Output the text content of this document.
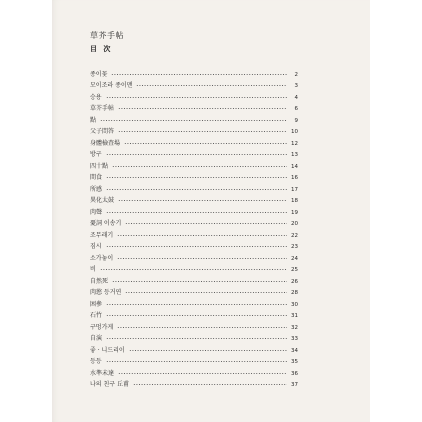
草芥手帖
目 次
종이꽃	2
모이조라 종이맨	3
승용	4
草芥手帖	6
點	9
父子問答	10
身體檢査場	12
방구	13
四十點	14
間食	16
所感	17
異化太鼓	18
肉聲	19
憂詞 이송기	20
조무래기	22
짐시	23
소가놓이	24
비	25
自然死	26
肉慾 등거연	28
困參	30
石竹	31
구멍가게	32
自演	33
좋 · 니드리이	34
등등	35
水準未達	36
나의 친구 丘甫	37
